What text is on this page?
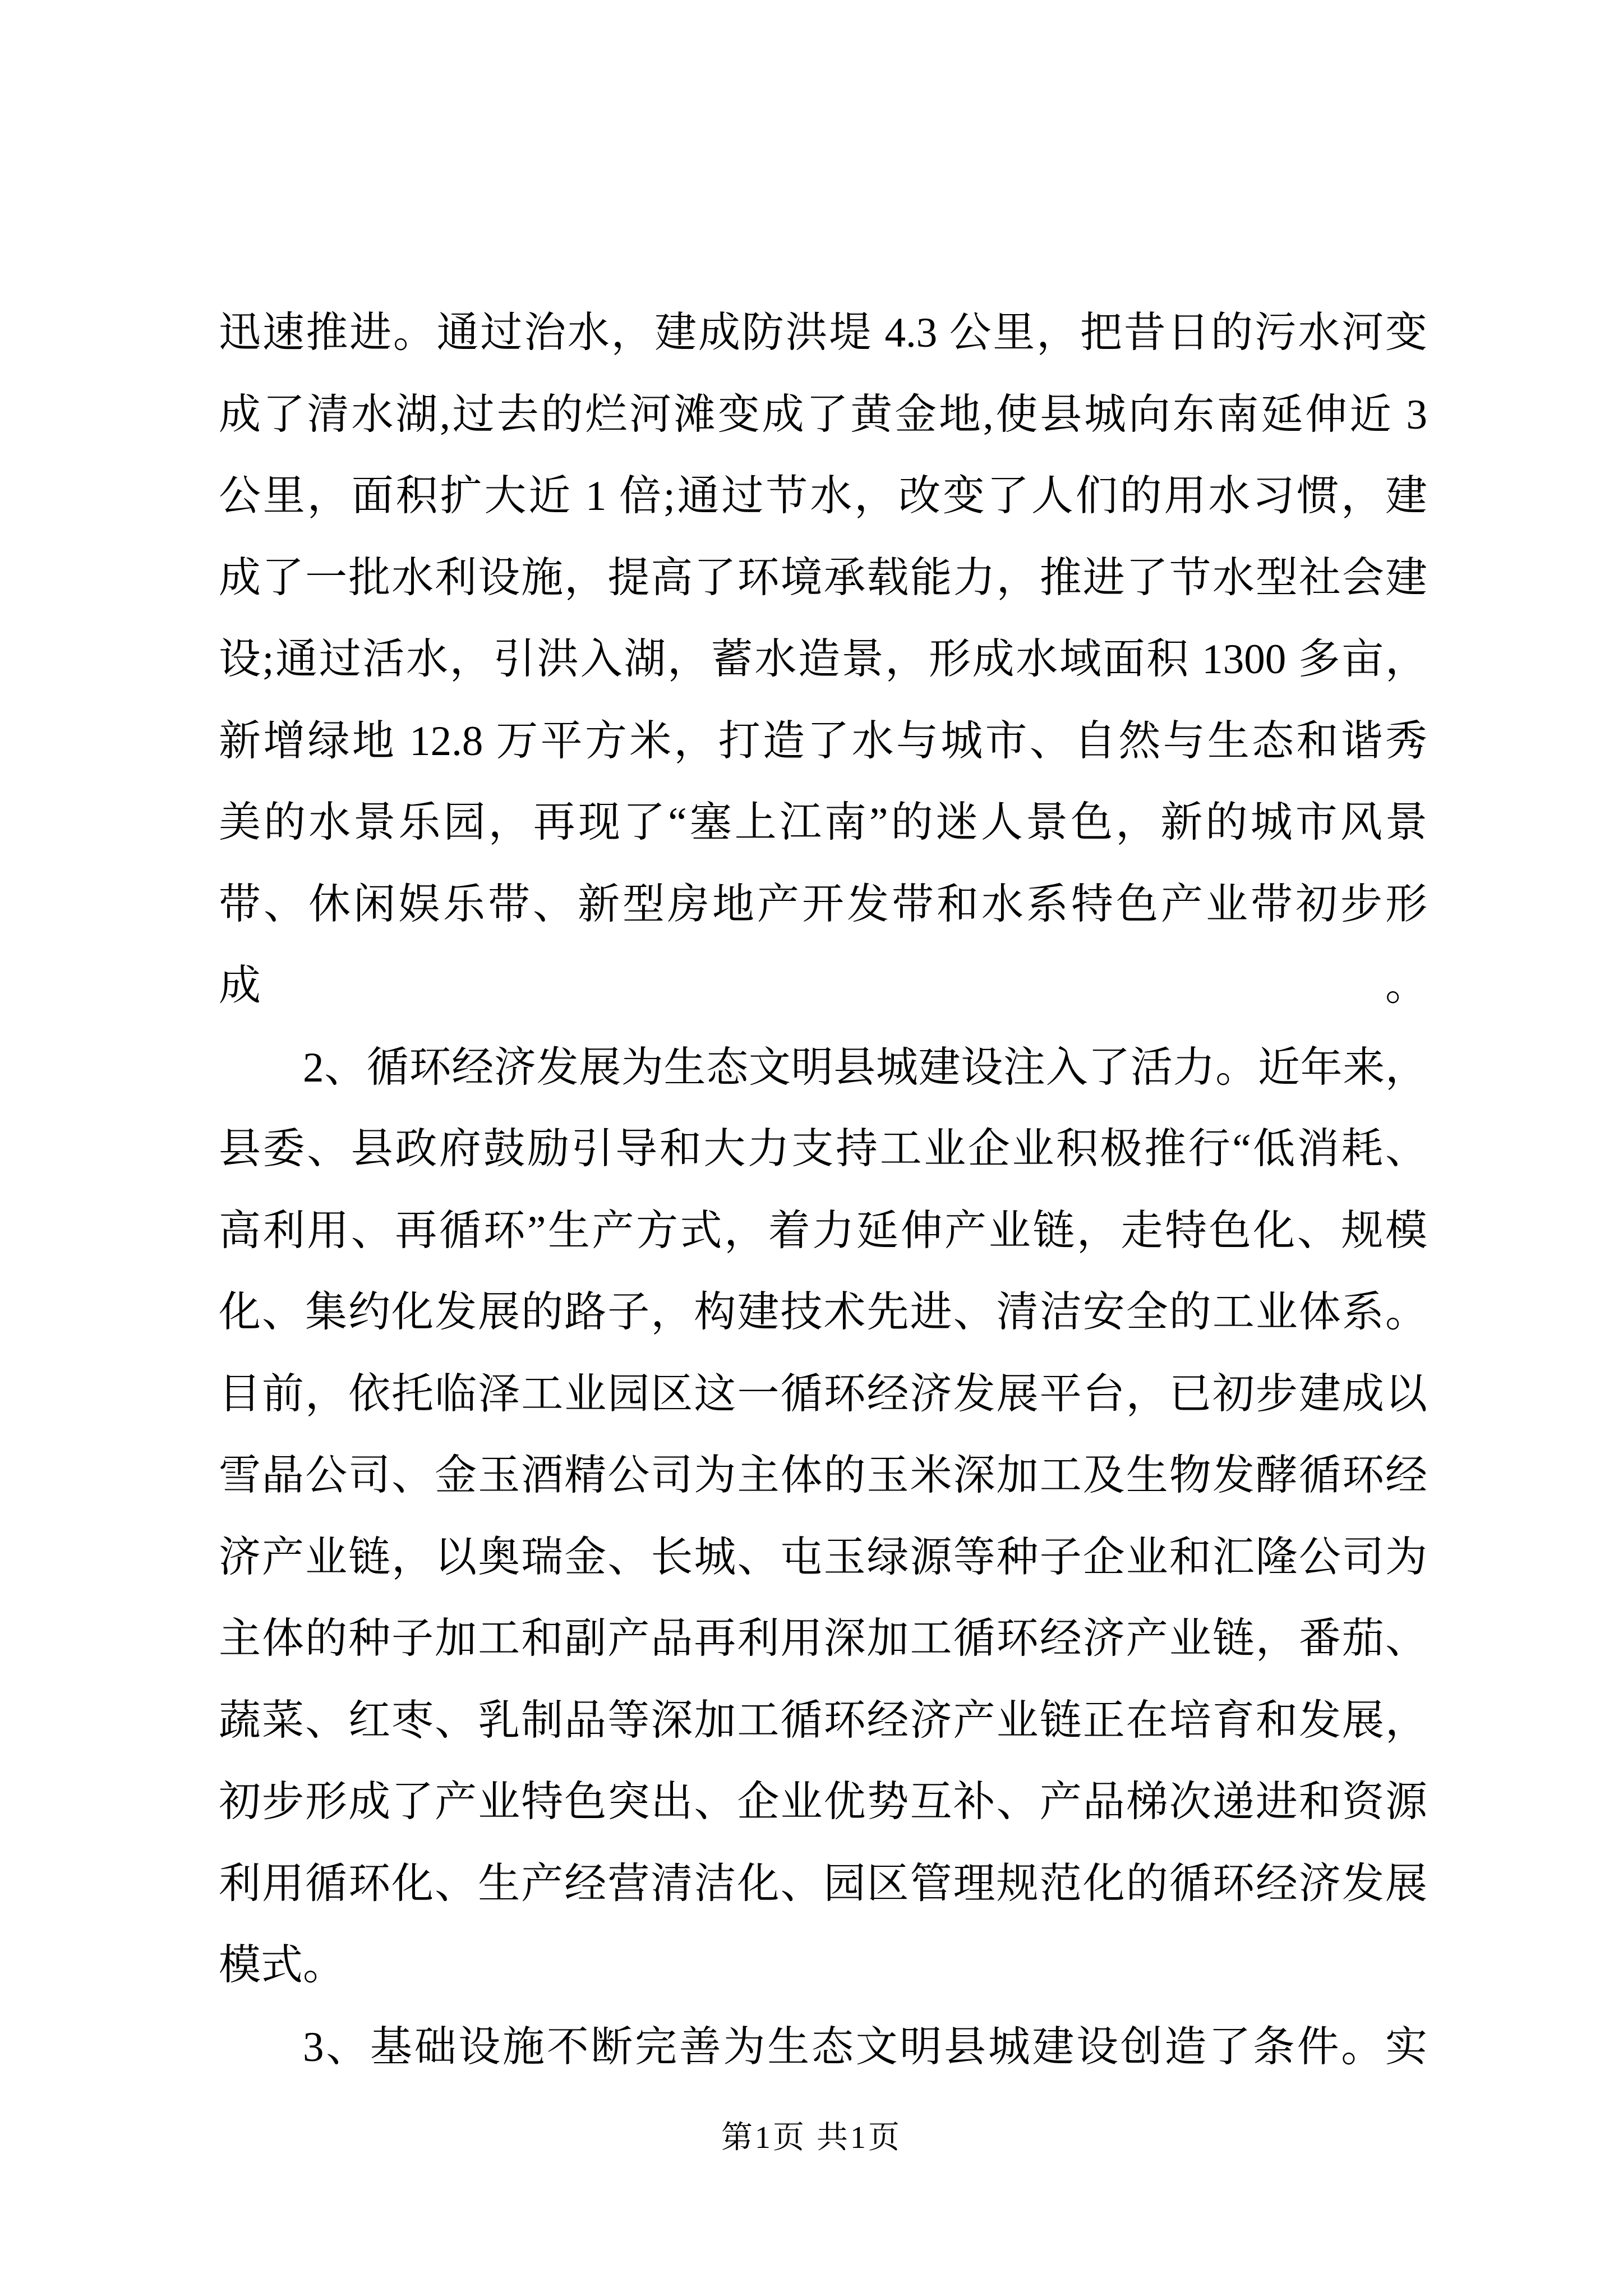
迅速推进。通过治水，建成防洪堤 4.3 公里，把昔日的污水河变
成了清水湖,过去的烂河滩变成了黄金地,使县城向东南延伸近 3
公里，面积扩大近 1 倍;通过节水，改变了人们的用水习惯，建
成了一批水利设施，提高了环境承载能力，推进了节水型社会建
设;通过活水，引洪入湖，蓄水造景，形成水域面积 1300 多亩，
新增绿地 12.8 万平方米，打造了水与城市、自然与生态和谐秀
美的水景乐园，再现了“塞上江南”的迷人景色，新的城市风景
带、休闲娱乐带、新型房地产开发带和水系特色产业带初步形成。
2、循环经济发展为生态文明县城建设注入了活力。近年来，
县委、县政府鼓励引导和大力支持工业企业积极推行“低消耗、
高利用、再循环”生产方式，着力延伸产业链，走特色化、规模
化、集约化发展的路子，构建技术先进、清洁安全的工业体系。
目前，依托临泽工业园区这一循环经济发展平台，已初步建成以
雪晶公司、金玉酒精公司为主体的玉米深加工及生物发酵循环经
济产业链，以奥瑞金、长城、屯玉绿源等种子企业和汇隆公司为
主体的种子加工和副产品再利用深加工循环经济产业链，番茄、
蔬菜、红枣、乳制品等深加工循环经济产业链正在培育和发展，
初步形成了产业特色突出、企业优势互补、产品梯次递进和资源
利用循环化、生产经营清洁化、园区管理规范化的循环经济发展
模式。
3、基础设施不断完善为生态文明县城建设创造了条件。实
第1页 共1页
